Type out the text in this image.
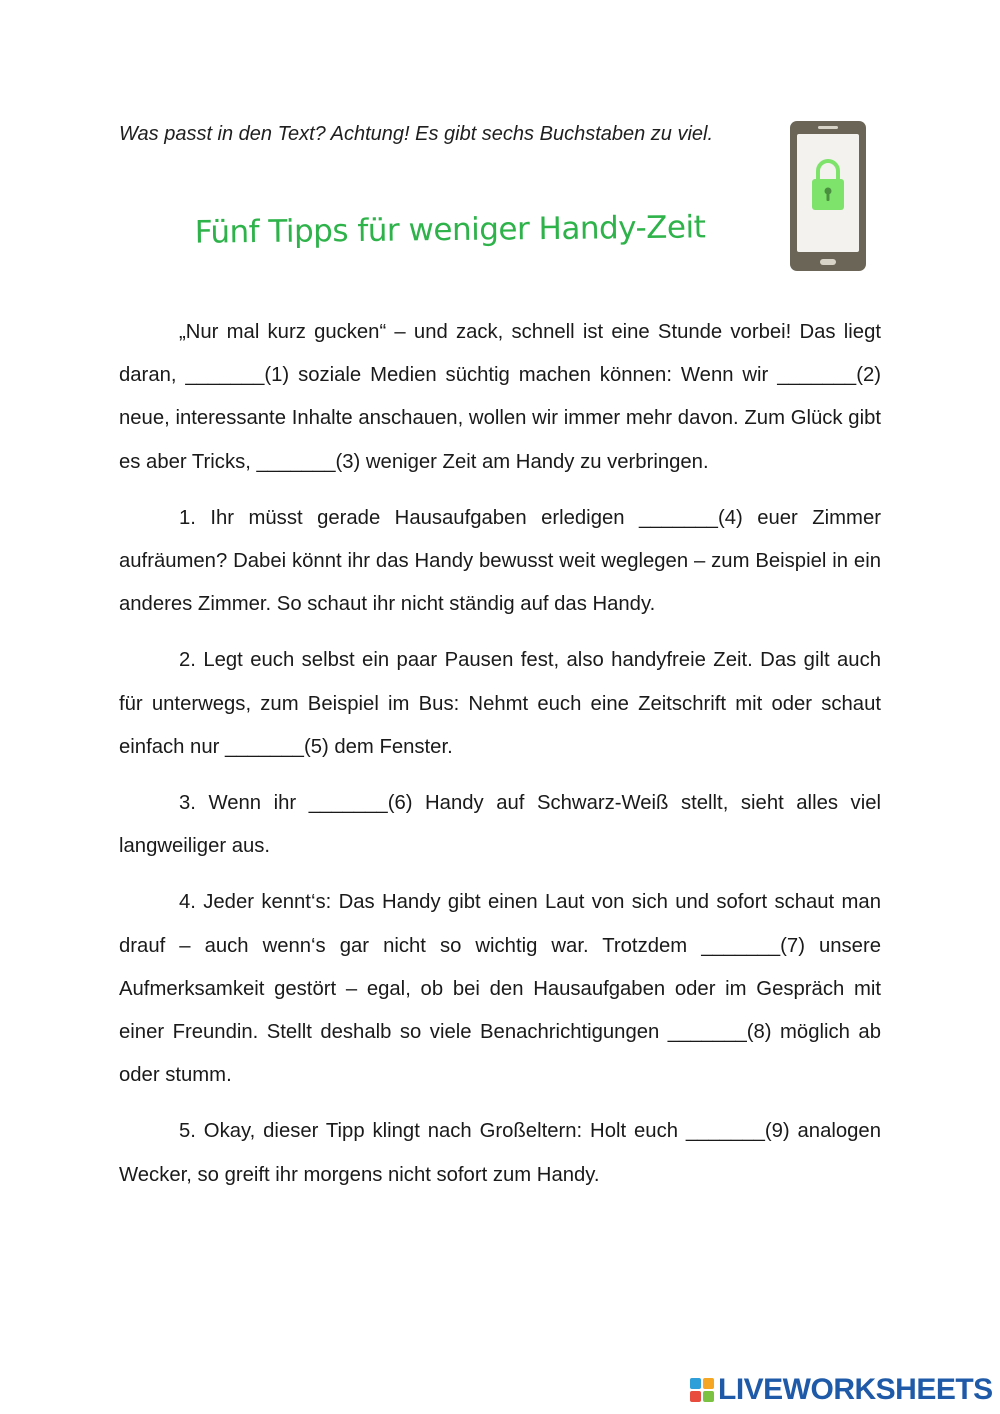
Was passt in den Text? Achtung! Es gibt sechs Buchstaben zu viel.
Fünf Tipps für weniger Handy-Zeit

„Nur mal kurz gucken“ – und zack, schnell ist eine Stunde vorbei! Das liegt daran, _______(1) soziale Medien süchtig machen können: Wenn wir _______(2) neue, interessante Inhalte anschauen, wollen wir immer mehr davon. Zum Glück gibt es aber Tricks, _______(3) weniger Zeit am Handy zu verbringen.

1. Ihr müsst gerade Hausaufgaben erledigen _______(4) euer Zimmer aufräumen? Dabei könnt ihr das Handy bewusst weit weglegen – zum Beispiel in ein anderes Zimmer. So schaut ihr nicht ständig auf das Handy.

2. Legt euch selbst ein paar Pausen fest, also handyfreie Zeit. Das gilt auch für unterwegs, zum Beispiel im Bus: Nehmt euch eine Zeitschrift mit oder schaut einfach nur _______(5) dem Fenster.

3. Wenn ihr _______(6) Handy auf Schwarz-Weiß stellt, sieht alles viel langweiliger aus.

4. Jeder kennt‘s: Das Handy gibt einen Laut von sich und sofort schaut man drauf – auch wenn‘s gar nicht so wichtig war. Trotzdem _______(7) unsere Aufmerksamkeit gestört – egal, ob bei den Hausaufgaben oder im Gespräch mit einer Freundin. Stellt deshalb so viele Benachrichtigungen _______(8) möglich ab oder stumm.

5. Okay, dieser Tipp klingt nach Großeltern: Holt euch _______(9) analogen Wecker, so greift ihr morgens nicht sofort zum Handy.

LIVEWORKSHEETS
